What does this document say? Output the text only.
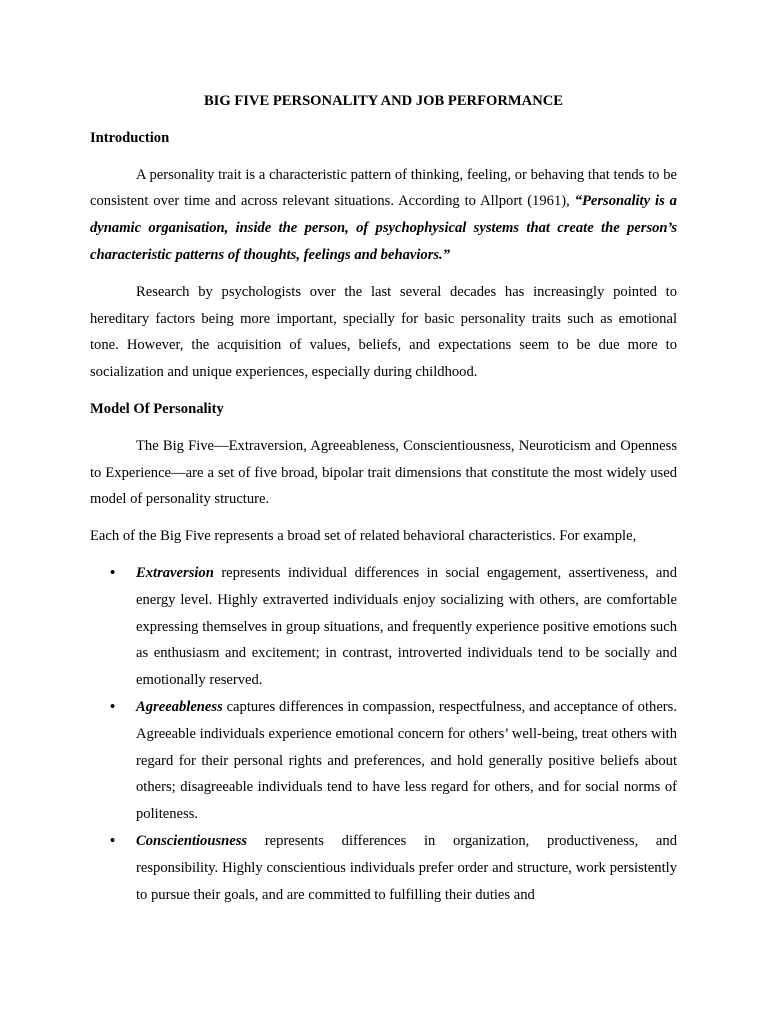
BIG FIVE PERSONALITY AND JOB PERFORMANCE

Introduction

A personality trait is a characteristic pattern of thinking, feeling, or behaving that tends to be consistent over time and across relevant situations. According to Allport (1961), “Personality is a dynamic organisation, inside the person, of psychophysical systems that create the person’s characteristic patterns of thoughts, feelings and behaviors.”

Research by psychologists over the last several decades has increasingly pointed to hereditary factors being more important, specially for basic personality traits such as emotional tone. However, the acquisition of values, beliefs, and expectations seem to be due more to socialization and unique experiences, especially during childhood.

Model Of Personality

The Big Five—Extraversion, Agreeableness, Conscientiousness, Neuroticism and Openness to Experience—are a set of five broad, bipolar trait dimensions that constitute the most widely used model of personality structure.

Each of the Big Five represents a broad set of related behavioral characteristics. For example,

• Extraversion represents individual differences in social engagement, assertiveness, and energy level. Highly extraverted individuals enjoy socializing with others, are comfortable expressing themselves in group situations, and frequently experience positive emotions such as enthusiasm and excitement; in contrast, introverted individuals tend to be socially and emotionally reserved.
• Agreeableness captures differences in compassion, respectfulness, and acceptance of others. Agreeable individuals experience emotional concern for others’ well-being, treat others with regard for their personal rights and preferences, and hold generally positive beliefs about others; disagreeable individuals tend to have less regard for others, and for social norms of politeness.
• Conscientiousness represents differences in organization, productiveness, and responsibility. Highly conscientious individuals prefer order and structure, work persistently to pursue their goals, and are committed to fulfilling their duties and
